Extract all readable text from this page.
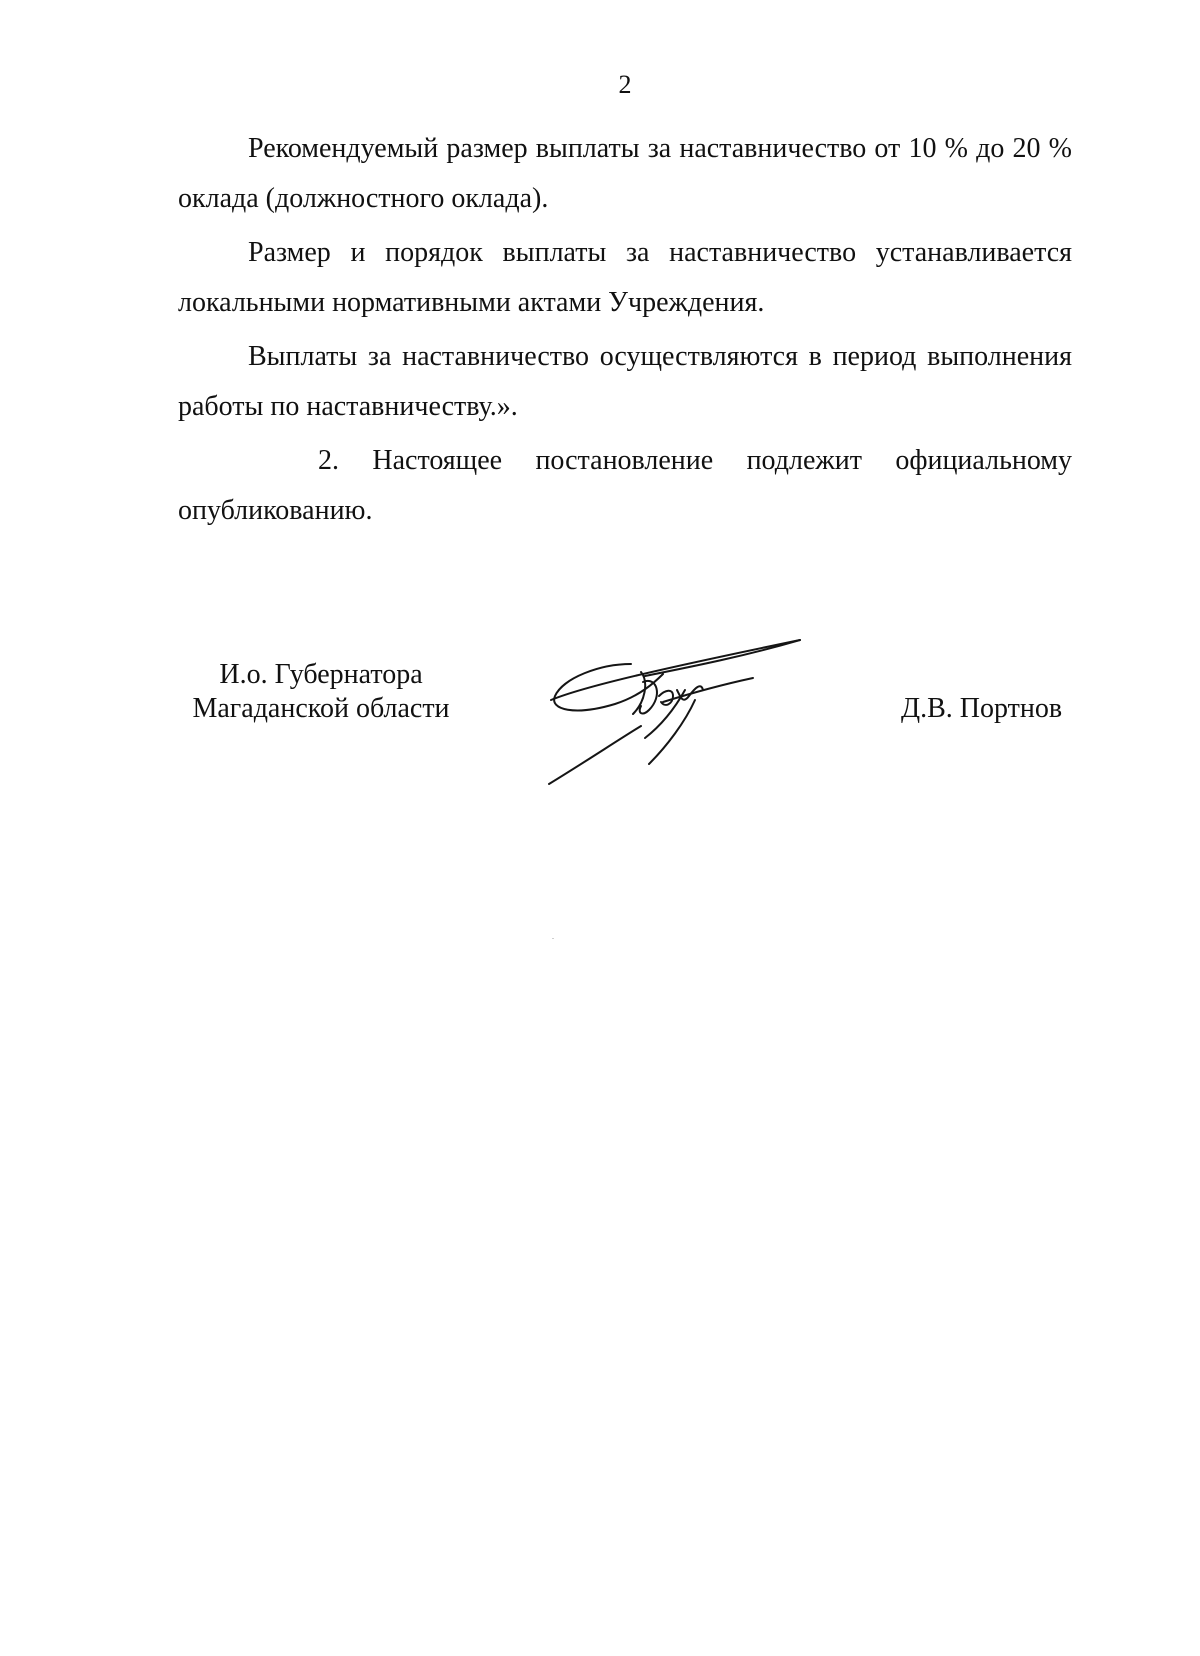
2

Рекомендуемый размер выплаты за наставничество от 10 % до 20 % оклада (должностного оклада).

Размер и порядок выплаты за наставничество устанавливается локальными нормативными актами Учреждения.

Выплаты за наставничество осуществляются в период выполнения работы по наставничеству.».

2. Настоящее постановление подлежит официальному опубликованию.

И.о. Губернатора
Магаданской области	Д.В. Портнов
